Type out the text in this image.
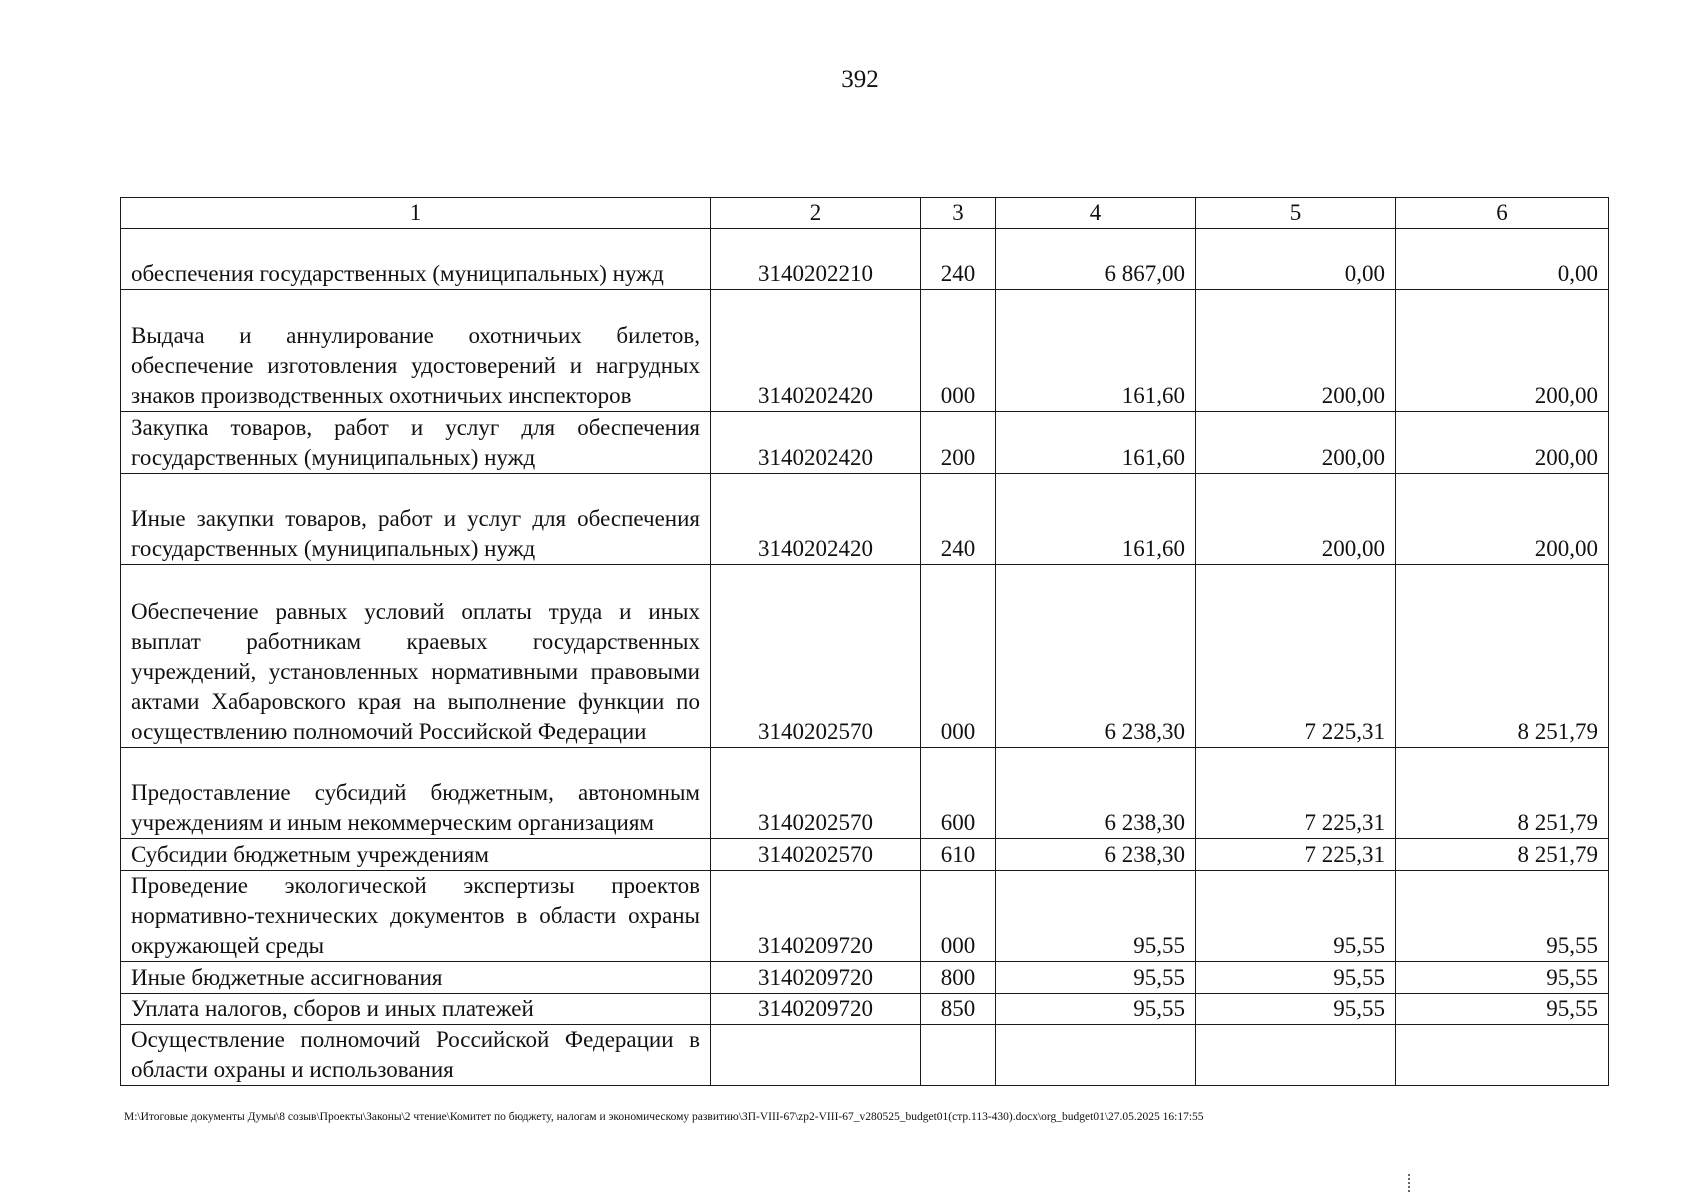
392
1	2	3	4	5	6
обеспечения государственных (муниципальных) нужд	3140202210	240	6 867,00	0,00	0,00
Выдача и аннулирование охотничьих билетов, обеспечение изготовления удостоверений и нагрудных знаков производственных охотничьих инспекторов	3140202420	000	161,60	200,00	200,00
Закупка товаров, работ и услуг для обеспечения государственных (муниципальных) нужд	3140202420	200	161,60	200,00	200,00
Иные закупки товаров, работ и услуг для обеспечения государственных (муниципальных) нужд	3140202420	240	161,60	200,00	200,00
Обеспечение равных условий оплаты труда и иных выплат работникам краевых государственных учреждений, установленных нормативными правовыми актами Хабаровского края на выполнение функции по осуществлению полномочий Российской Федерации	3140202570	000	6 238,30	7 225,31	8 251,79
Предоставление субсидий бюджетным, автономным учреждениям и иным некоммерческим организациям	3140202570	600	6 238,30	7 225,31	8 251,79
Субсидии бюджетным учреждениям	3140202570	610	6 238,30	7 225,31	8 251,79
Проведение экологической экспертизы проектов нормативно-технических документов в области охраны окружающей среды	3140209720	000	95,55	95,55	95,55
Иные бюджетные ассигнования	3140209720	800	95,55	95,55	95,55
Уплата налогов, сборов и иных платежей	3140209720	850	95,55	95,55	95,55
Осуществление полномочий Российской Федерации в области охраны и использования					
M:\Итоговые документы Думы\8 созыв\Проекты\Законы\2 чтение\Комитет по бюджету, налогам и экономическому развитию\ЗП-VIII-67\zp2-VIII-67_v280525_budget01(стр.113-430).docx\org_budget01\27.05.2025 16:17:55
